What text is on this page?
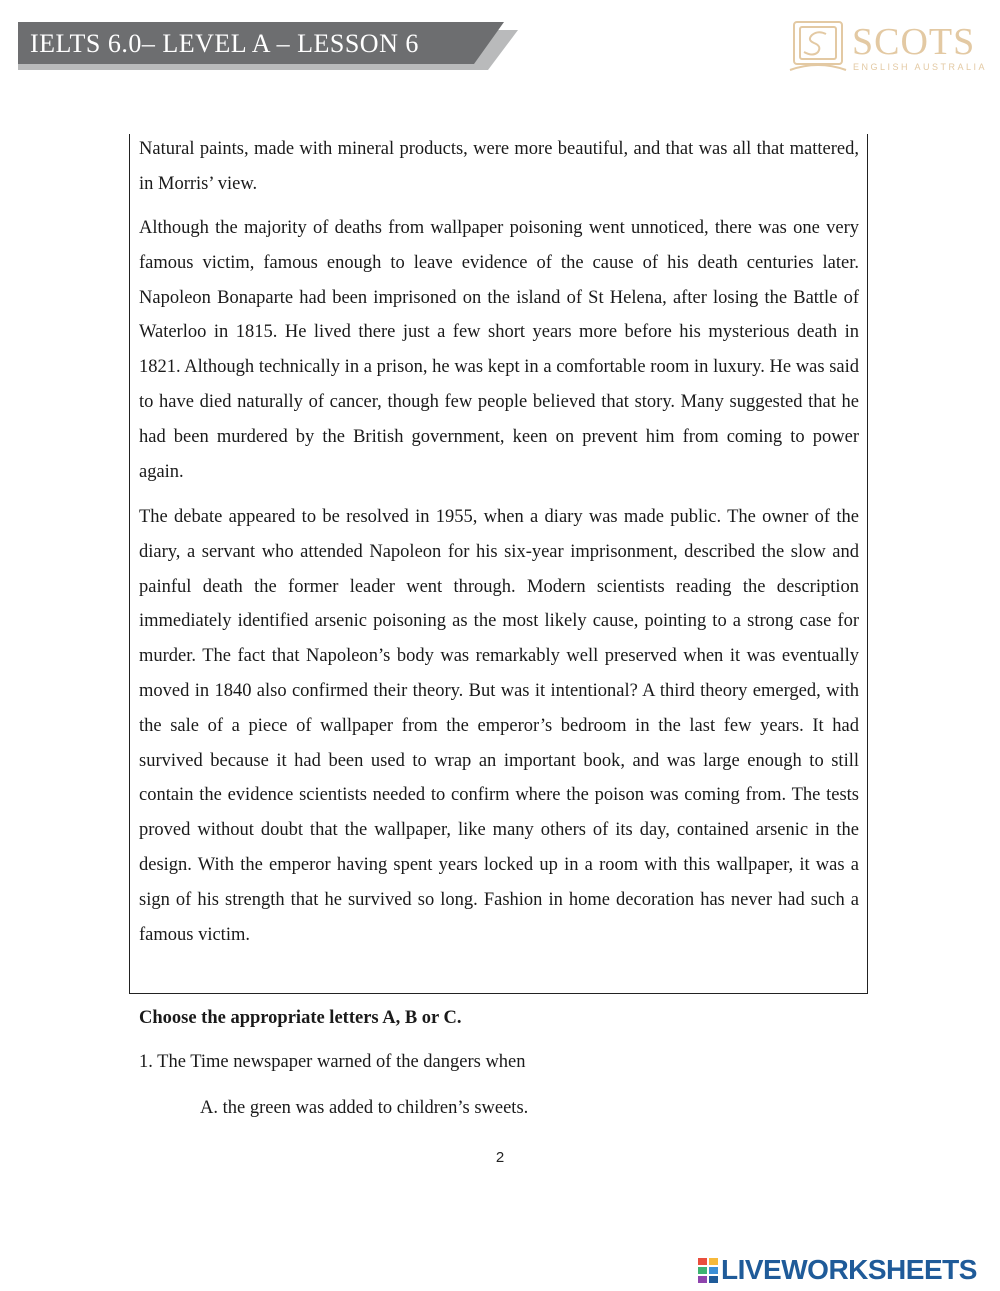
IELTS 6.0– LEVEL A – LESSON 6	SCOTS
ENGLISH AUSTRALIA

Natural paints, made with mineral products, were more beautiful, and that was all that mattered, in Morris’ view.

Although the majority of deaths from wallpaper poisoning went unnoticed, there was one very famous victim, famous enough to leave evidence of the cause of his death centuries later. Napoleon Bonaparte had been imprisoned on the island of St Helena, after losing the Battle of Waterloo in 1815. He lived there just a few short years more before his mysterious death in 1821. Although technically in a prison, he was kept in a comfortable room in luxury. He was said to have died naturally of cancer, though few people believed that story. Many suggested that he had been murdered by the British government, keen on prevent him from coming to power again.

The debate appeared to be resolved in 1955, when a diary was made public. The owner of the diary, a servant who attended Napoleon for his six-year imprisonment, described the slow and painful death the former leader went through. Modern scientists reading the description immediately identified arsenic poisoning as the most likely cause, pointing to a strong case for murder. The fact that Napoleon’s body was remarkably well preserved when it was eventually moved in 1840 also confirmed their theory. But was it intentional? A third theory emerged, with the sale of a piece of wallpaper from the emperor’s bedroom in the last few years. It had survived because it had been used to wrap an important book, and was large enough to still contain the evidence scientists needed to confirm where the poison was coming from. The tests proved without doubt that the wallpaper, like many others of its day, contained arsenic in the design. With the emperor having spent years locked up in a room with this wallpaper, it was a sign of his strength that he survived so long. Fashion in home decoration has never had such a famous victim.

Choose the appropriate letters A, B or C.
1. The Time newspaper warned of the dangers when
A. the green was added to children’s sweets.
2
LIVEWORKSHEETS
